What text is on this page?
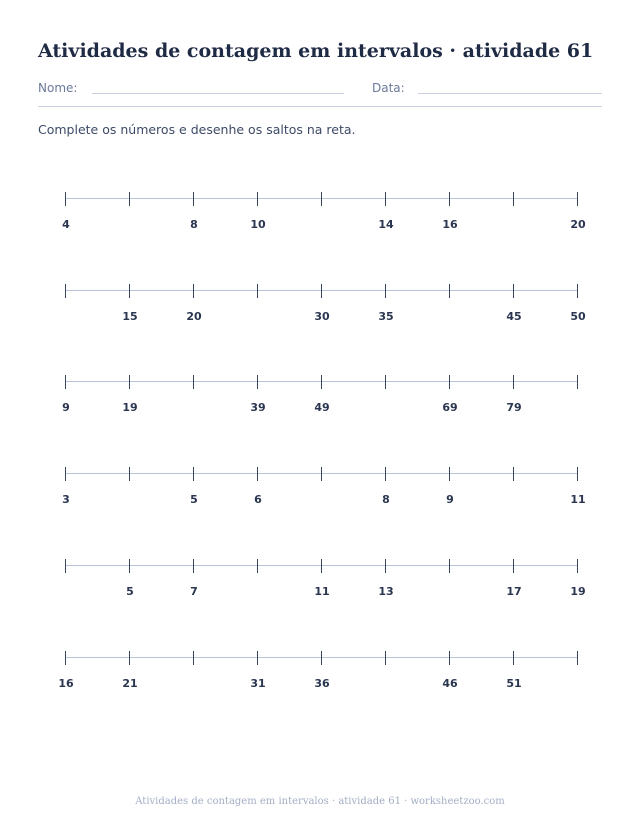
Atividades de contagem em intervalos · atividade 61
Nome:	Data:

Complete os números e desenhe os saltos na reta.

4	8	10	14	16	20
15	20	30	35	45	50
9	19	39	49	69	79
3	5	6	8	9	11
5	7	11	13	17	19
16	21	31	36	46	51
Atividades de contagem em intervalos · atividade 61 · worksheetzoo.com
